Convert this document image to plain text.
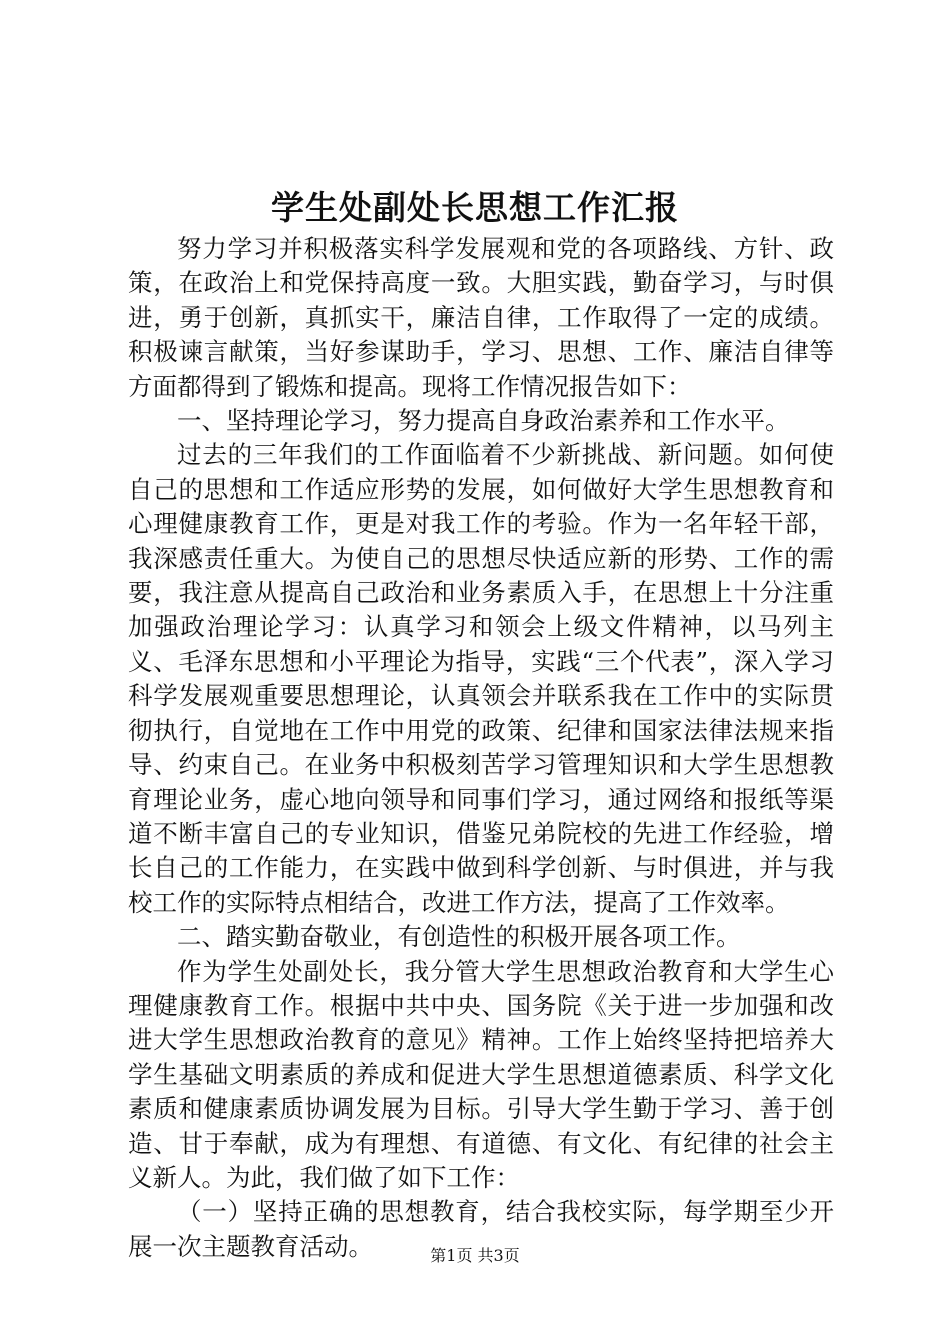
学生处副处长思想工作汇报

努力学习并积极落实科学发展观和党的各项路线、方针、政策，在政治上和党保持高度一致。大胆实践，勤奋学习，与时俱进，勇于创新，真抓实干，廉洁自律，工作取得了一定的成绩。积极谏言献策，当好参谋助手，学习、思想、工作、廉洁自律等方面都得到了锻炼和提高。现将工作情况报告如下：

一、坚持理论学习，努力提高自身政治素养和工作水平。

过去的三年我们的工作面临着不少新挑战、新问题。如何使自己的思想和工作适应形势的发展，如何做好大学生思想教育和心理健康教育工作，更是对我工作的考验。作为一名年轻干部，我深感责任重大。为使自己的思想尽快适应新的形势、工作的需要，我注意从提高自己政治和业务素质入手，在思想上十分注重加强政治理论学习：认真学习和领会上级文件精神，以马列主义、毛泽东思想和小平理论为指导，实践“三个代表”，深入学习科学发展观重要思想理论，认真领会并联系我在工作中的实际贯彻执行，自觉地在工作中用党的政策、纪律和国家法律法规来指导、约束自己。在业务中积极刻苦学习管理知识和大学生思想教育理论业务，虚心地向领导和同事们学习，通过网络和报纸等渠道不断丰富自己的专业知识，借鉴兄弟院校的先进工作经验，增长自己的工作能力，在实践中做到科学创新、与时俱进，并与我校工作的实际特点相结合，改进工作方法，提高了工作效率。

二、踏实勤奋敬业，有创造性的积极开展各项工作。

作为学生处副处长，我分管大学生思想政治教育和大学生心理健康教育工作。根据中共中央、国务院《关于进一步加强和改进大学生思想政治教育的意见》精神。工作上始终坚持把培养大学生基础文明素质的养成和促进大学生思想道德素质、科学文化素质和健康素质协调发展为目标。引导大学生勤于学习、善于创造、甘于奉献，成为有理想、有道德、有文化、有纪律的社会主义新人。为此，我们做了如下工作：

（一）坚持正确的思想教育，结合我校实际，每学期至少开展一次主题教育活动。	第1页 共3页
